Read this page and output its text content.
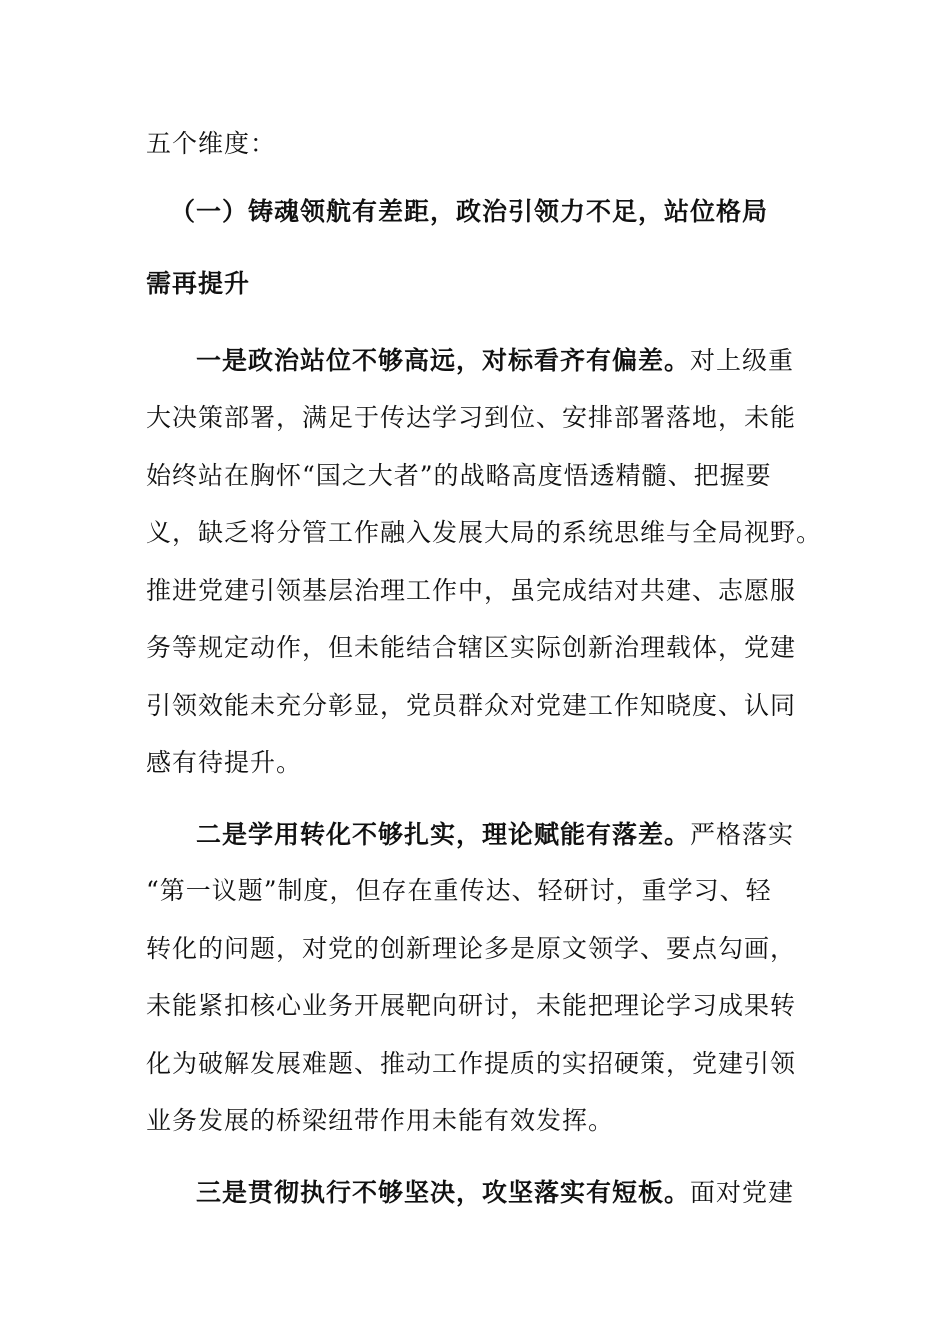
五个维度：
（一）铸魂领航有差距，政治引领力不足，站位格局
需再提升
一是政治站位不够高远，对标看齐有偏差。对上级重
大决策部署，满足于传达学习到位、安排部署落地，未能
始终站在胸怀“国之大者”的战略高度悟透精髓、把握要
义，缺乏将分管工作融入发展大局的系统思维与全局视野。
推进党建引领基层治理工作中，虽完成结对共建、志愿服
务等规定动作，但未能结合辖区实际创新治理载体，党建
引领效能未充分彰显，党员群众对党建工作知晓度、认同
感有待提升。
二是学用转化不够扎实，理论赋能有落差。严格落实
“第一议题”制度，但存在重传达、轻研讨，重学习、轻
转化的问题，对党的创新理论多是原文领学、要点勾画，
未能紧扣核心业务开展靶向研讨，未能把理论学习成果转
化为破解发展难题、推动工作提质的实招硬策，党建引领
业务发展的桥梁纽带作用未能有效发挥。
三是贯彻执行不够坚决，攻坚落实有短板。面对党建
